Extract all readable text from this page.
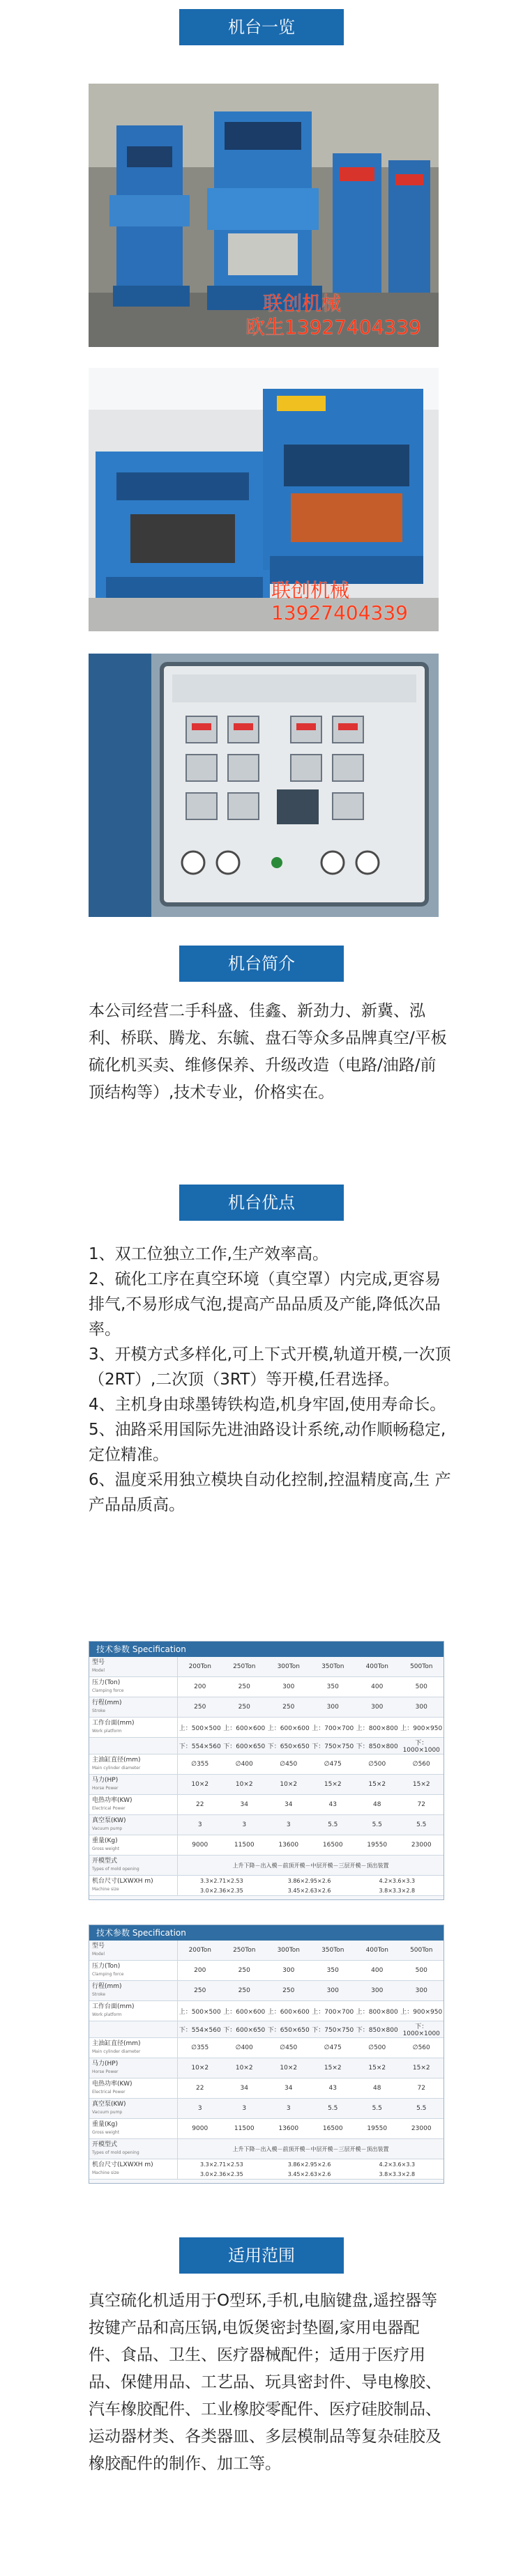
机台一览
联创机械
欧生13927404339
联创机械
13927404339
机台简介
本公司经营二手科盛、佳鑫、新劲力、新冀、泓利、桥联、腾龙、东毓、盘石等众多品牌真空/平板硫化机买卖、维修保养、升级改造（电路/油路/前顶结构等）,技术专业，价格实在。
机台优点

1、双工位独立工作,生产效率高。

2、硫化工序在真空环境（真空罩）内完成,更容易排气,不易形成气泡,提高产品品质及产能,降低次品率。

3、开模方式多样化,可上下式开模,轨道开模,一次顶（2RT）,二次顶（3RT）等开模,任君选择。

4、主机身由球墨铸铁构造,机身牢固,使用寿命长。

5、油路采用国际先进油路设计系统,动作顺畅稳定,定位精准。

6、温度采用独立模块自动化控制,控温精度高,生 产产品品质高。

技术参数 Specification
型号
Model
200Ton	250Ton	300Ton	350Ton	400Ton	500Ton
压力(Ton)
Clamping force
200	250	300	350	400	500
行程(mm)
Stroke
250	250	250	300	300	300
工作台面(mm)
Work platform	上：500×500 上：600×600 上：600×600 上：700×700 上：800×800 上：900×950
下：554×560 下：600×650 下：650×650 下：750×750 下：850×800	下：1000×1000
主油缸直径(mm)
Main cylinder diameter
∅355	∅400	∅450	∅475	∅500	∅560
马力(HP)
Horse Power
10×2	10×2	10×2	15×2	15×2	15×2
电热功率(KW)
Electrical Power
22	34	34	43	48	72
真空泵(KW)
Vacuum pump
3	3	3	5.5	5.5	5.5
重量(Kg)
Gross weight
9000	11500	13600	16500	19550	23000
开模型式
Types of mold opening
上升下降－出入模－前顶开模－中层开模－三层开模－顶出装置
机台尺寸(LXWXH m)
Machine size
3.3×2.71×2.53	3.86×2.95×2.6	4.2×3.6×3.3
3.0×2.36×2.35	3.45×2.63×2.6	3.8×3.3×2.8
技术参数 Specification
型号
Model
200Ton	250Ton	300Ton	350Ton	400Ton	500Ton
压力(Ton)
Clamping force
200	250	300	350	400	500
行程(mm)
Stroke
250	250	250	300	300	300
工作台面(mm)
Work platform	上：500×500 上：600×600 上：600×600 上：700×700 上：800×800 上：900×950
下：554×560 下：600×650 下：650×650 下：750×750 下：850×800	下：1000×1000
主油缸直径(mm)
Main cylinder diameter
∅355	∅400	∅450	∅475	∅500	∅560
马力(HP)
Horse Power
10×2	10×2	10×2	15×2	15×2	15×2
电热功率(KW)
Electrical Power
22	34	34	43	48	72
真空泵(KW)
Vacuum pump
3	3	3	5.5	5.5	5.5
重量(Kg)
Gross weight
9000	11500	13600	16500	19550	23000
开模型式
Types of mold opening
上升下降－出入模－前顶开模－中层开模－三层开模－顶出装置
机台尺寸(LXWXH m)
Machine size
3.3×2.71×2.53	3.86×2.95×2.6	4.2×3.6×3.3
3.0×2.36×2.35	3.45×2.63×2.6	3.8×3.3×2.8
适用范围
真空硫化机适用于O型环,手机,电脑键盘,遥控器等按键产品和高压锅,电饭煲密封垫圈,家用电器配件、食品、卫生、医疗器械配件；适用于医疗用品、保健用品、工艺品、玩具密封件、导电橡胶、汽车橡胶配件、工业橡胶零配件、医疗硅胶制品、运动器材类、各类器皿、多层模制品等复杂硅胶及橡胶配件的制作、加工等。
